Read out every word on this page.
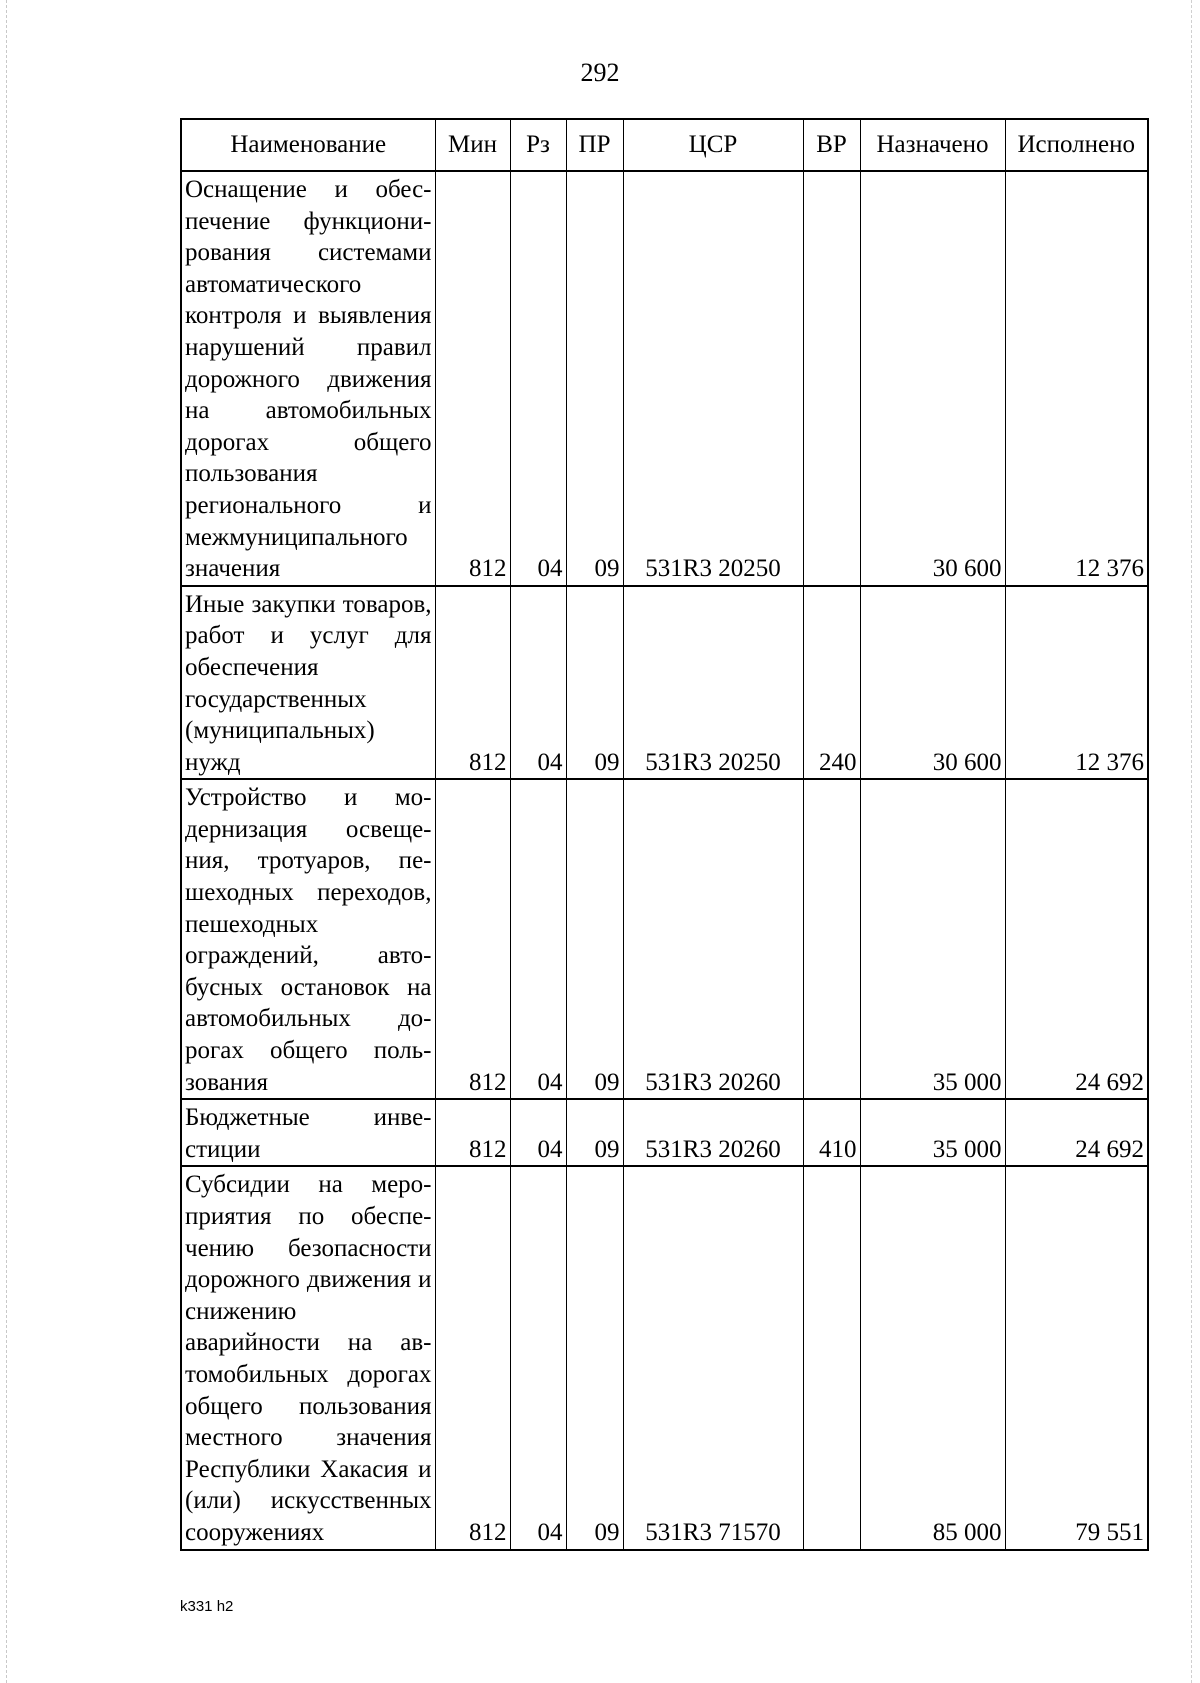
292
Наименование	Мин	Рз	ПР	ЦСР	ВР	Назначено	Исполнено
Оснащение и обеспечение функционирования системами автоматического контроля и выявления нарушений правил дорожного движения на автомобильных дорогах общего пользования регионального и межмуниципального значения	812	04	09	531R3 20250		30 600	12 376
Иные закупки товаров, работ и услуг для обеспечения государственных (муниципальных) нужд	812	04	09	531R3 20250	240	30 600	12 376
Устройство и модернизация освещения, тротуаров, пешеходных переходов, пешеходных ограждений, автобусных остановок на автомобильных дорогах общего пользования	812	04	09	531R3 20260		35 000	24 692
Бюджетные инвестиции	812	04	09	531R3 20260	410	35 000	24 692
Субсидии на мероприятия по обеспечению безопасности дорожного движения и снижению аварийности на автомобильных дорогах общего пользования местного значения Республики Хакасия и (или) искусственных сооружениях	812	04	09	531R3 71570		85 000	79 551
k331 h2
